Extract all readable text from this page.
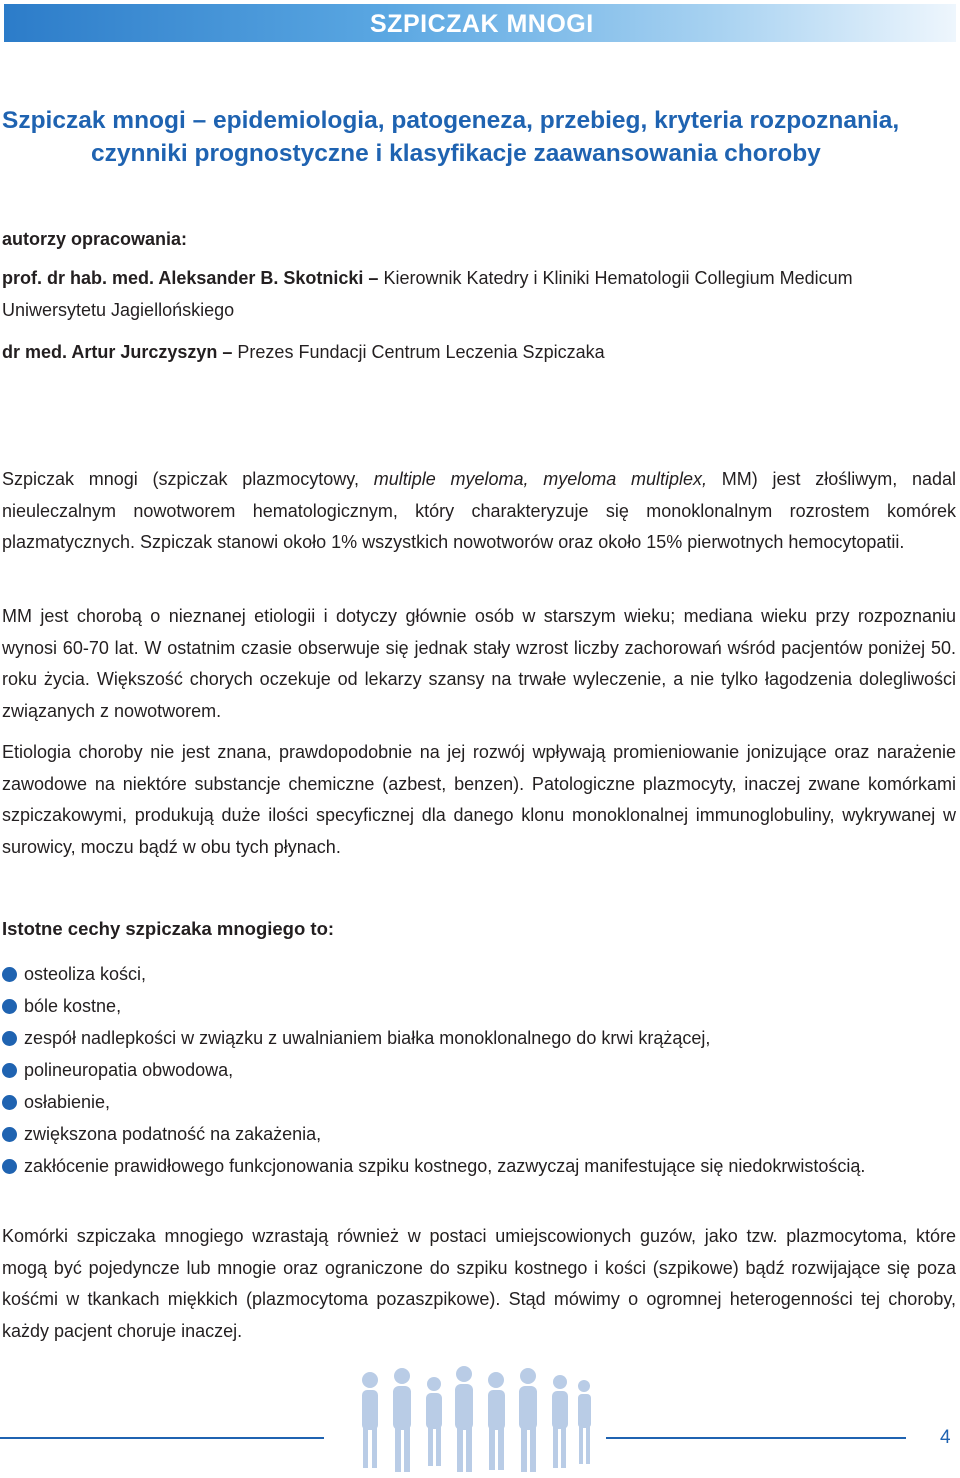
SZPICZAK MNOGI
Szpiczak mnogi – epidemiologia, patogeneza, przebieg, kryteria rozpoznania,
czynniki prognostyczne i klasyfikacje zaawansowania choroby

autorzy opracowania:

prof. dr hab. med. Aleksander B. Skotnicki – Kierownik Katedry i Kliniki Hematologii Collegium Medicum Uniwersytetu Jagiellońskiego

dr med. Artur Jurczyszyn – Prezes Fundacji Centrum Leczenia Szpiczaka

Szpiczak mnogi (szpiczak plazmocytowy, multiple myeloma, myeloma multiplex, MM) jest złośliwym, nadal nieuleczalnym nowotworem hematologicznym, który charakteryzuje się monoklonalnym rozrostem komórek plazmatycznych. Szpiczak stanowi około 1% wszystkich nowotworów oraz około 15% pierwotnych hemocytopatii.

MM jest chorobą o nieznanej etiologii i dotyczy głównie osób w starszym wieku; mediana wieku przy rozpoznaniu wynosi 60-70 lat. W ostatnim czasie obserwuje się jednak stały wzrost liczby zachorowań wśród pacjentów poniżej 50. roku życia. Większość chorych oczekuje od lekarzy szansy na trwałe wyleczenie, a nie tylko łagodzenia dolegliwości związanych z nowotworem.

Etiologia choroby nie jest znana, prawdopodobnie na jej rozwój wpływają promieniowanie jonizujące oraz narażenie zawodowe na niektóre substancje chemiczne (azbest, benzen). Patologiczne plazmocyty, inaczej zwane komórkami szpiczakowymi, produkują duże ilości specyficznej dla danego klonu monoklonalnej immunoglobuliny, wykrywanej w surowicy, moczu bądź w obu tych płynach.

Istotne cechy szpiczaka mnogiego to:
osteoliza kości,
bóle kostne,
zespół nadlepkości w związku z uwalnianiem białka monoklonalnego do krwi krążącej,
polineuropatia obwodowa,
osłabienie,
zwiększona podatność na zakażenia,
zakłócenie prawidłowego funkcjonowania szpiku kostnego, zazwyczaj manifestujące się niedokrwistością.

Komórki szpiczaka mnogiego wzrastają również w postaci umiejscowionych guzów, jako tzw. plazmocytoma, które mogą być pojedyncze lub mnogie oraz ograniczone do szpiku kostnego i kości (szpikowe) bądź rozwijające się poza kośćmi w tkankach miękkich (plazmocytoma pozaszpikowe). Stąd mówimy o ogromnej heterogenności tej choroby, każdy pacjent choruje inaczej.

4
